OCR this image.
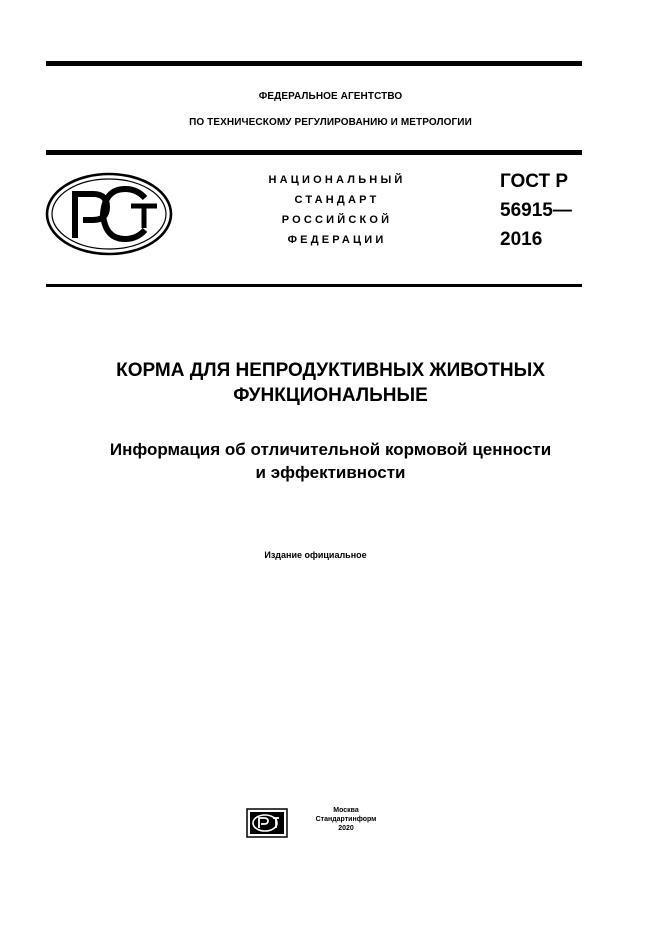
ФЕДЕРАЛЬНОЕ АГЕНТСТВО
ПО ТЕХНИЧЕСКОМУ РЕГУЛИРОВАНИЮ И МЕТРОЛОГИИ
НАЦИОНАЛЬНЫЙ
СТАНДАРТ
РОССИЙСКОЙ
ФЕДЕРАЦИИ
ГОСТ Р
56915—
2016
КОРМА ДЛЯ НЕПРОДУКТИВНЫХ ЖИВОТНЫХ
ФУНКЦИОНАЛЬНЫЕ
Информация об отличительной кормовой ценности
и эффективности
Издание официальное
Москва
Стандартинформ
2020
